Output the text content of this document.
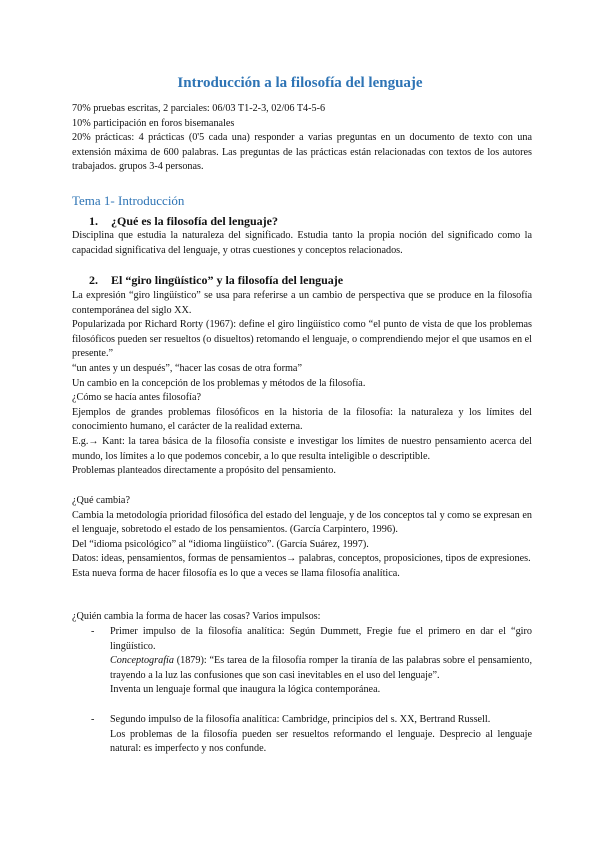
Introducción a la filosofía del lenguaje

70% pruebas escritas, 2 parciales: 06/03 T1-2-3, 02/06 T4-5-6

10% participación en foros bisemanales

20% prácticas: 4 prácticas (0'5 cada una) responder a varias preguntas en un documento de texto con una extensión máxima de 600 palabras. Las preguntas de las prácticas están relacionadas con textos de los autores trabajados. grupos 3-4 personas.

Tema 1- Introducción
1. ¿Qué es la filosofía del lenguaje?
Disciplina que estudia la naturaleza del significado. Estudia tanto la propia noción del significado como la capacidad significativa del lenguaje, y otras cuestiones y conceptos relacionados.
2. El “giro lingüístico” y la filosofía del lenguaje

La expresión “giro lingüístico” se usa para referirse a un cambio de perspectiva que se produce en la filosofía contemporánea del siglo XX.

Popularizada por Richard Rorty (1967): define el giro lingüístico como “el punto de vista de que los problemas filosóficos pueden ser resueltos (o disueltos) retomando el lenguaje, o comprendiendo mejor el que usamos en el presente.”

“un antes y un después”, “hacer las cosas de otra forma”

Un cambio en la concepción de los problemas y métodos de la filosofía.

¿Cómo se hacía antes filosofía?

Ejemplos de grandes problemas filosóficos en la historia de la filosofía: la naturaleza y los límites del conocimiento humano, el carácter de la realidad externa.

E.g.→ Kant: la tarea básica de la filosofía consiste e investigar los límites de nuestro pensamiento acerca del mundo, los límites a lo que podemos concebir, a lo que resulta inteligible o descriptible.

Problemas planteados directamente a propósito del pensamiento.

¿Qué cambia?

Cambia la metodología prioridad filosófica del estado del lenguaje, y de los conceptos tal y como se expresan en el lenguaje, sobretodo el estado de los pensamientos. (García Carpintero, 1996).

Del “idioma psicológico” al “idioma lingüístico”. (García Suárez, 1997).

Datos: ideas, pensamientos, formas de pensamientos→ palabras, conceptos, proposiciones, tipos de expresiones.

Esta nueva forma de hacer filosofía es lo que a veces se llama filosofía analítica.

¿Quién cambia la forma de hacer las cosas? Varios impulsos:
- Primer impulso de la filosofía analítica: Según Dummett, Fregie fue el primero en dar el “giro lingüístico.

Conceptografía (1879): “Es tarea de la filosofía romper la tiranía de las palabras sobre el pensamiento, trayendo a la luz las confusiones que son casi inevitables en el uso del lenguaje”.

Inventa un lenguaje formal que inaugura la lógica contemporánea.

- Segundo impulso de la filosofía analítica: Cambridge, principios del s. XX, Bertrand Russell.

Los problemas de la filosofía pueden ser resueltos reformando el lenguaje. Desprecio al lenguaje natural: es imperfecto y nos confunde.
